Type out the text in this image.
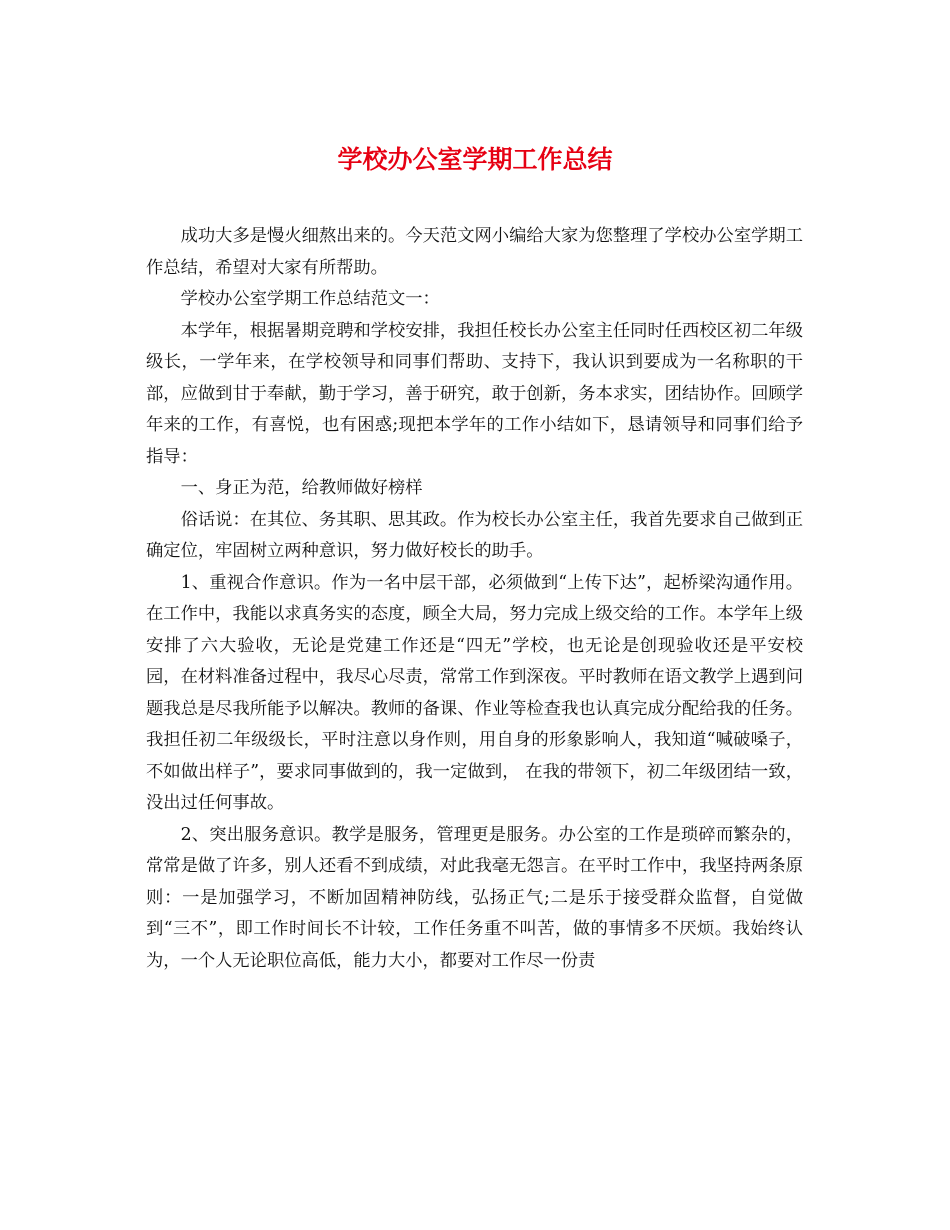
学校办公室学期工作总结

成功大多是慢火细熬出来的。今天范文网小编给大家为您整理了学校办公室学期工作总结，希望对大家有所帮助。

学校办公室学期工作总结范文一：

本学年，根据暑期竞聘和学校安排，我担任校长办公室主任同时任西校区初二年级级长，一学年来，在学校领导和同事们帮助、支持下，我认识到要成为一名称职的干部，应做到甘于奉献，勤于学习，善于研究，敢于创新，务本求实，团结协作。回顾学年来的工作，有喜悦，也有困惑;现把本学年的工作小结如下，恳请领导和同事们给予指导：

一、身正为范，给教师做好榜样

俗话说：在其位、务其职、思其政。作为校长办公室主任，我首先要求自己做到正确定位，牢固树立两种意识，努力做好校长的助手。

1、重视合作意识。作为一名中层干部，必须做到“上传下达”，起桥梁沟通作用。在工作中，我能以求真务实的态度，顾全大局，努力完成上级交给的工作。本学年上级安排了六大验收，无论是党建工作还是“四无”学校，也无论是创现验收还是平安校园，在材料准备过程中，我尽心尽责，常常工作到深夜。平时教师在语文教学上遇到问题我总是尽我所能予以解决。教师的备课、作业等检查我也认真完成分配给我的任务。我担任初二年级级长，平时注意以身作则，用自身的形象影响人，我知道“喊破嗓子，不如做出样子”，要求同事做到的，我一定做到， 在我的带领下，初二年级团结一致，没出过任何事故。

2、突出服务意识。教学是服务，管理更是服务。办公室的工作是琐碎而繁杂的，常常是做了许多，别人还看不到成绩，对此我毫无怨言。在平时工作中，我坚持两条原则：一是加强学习，不断加固精神防线，弘扬正气;二是乐于接受群众监督，自觉做到“三不”，即工作时间长不计较，工作任务重不叫苦，做的事情多不厌烦。我始终认为，一个人无论职位高低，能力大小，都要对工作尽一份责
